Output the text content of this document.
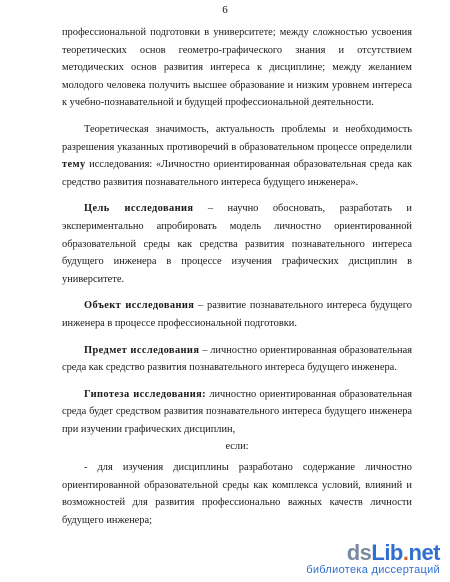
6

профессиональной подготовки в университете; между сложностью усвоения теоретических основ геометро-графического знания и отсутствием методических основ развития интереса к дисциплине; между желанием молодого человека получить высшее образование и низким уровнем интереса к учебно-познавательной и будущей профессиональной деятельности.

Теоретическая значимость, актуальность проблемы и необходимость разрешения указанных противоречий в образовательном процессе определили тему исследования: «Личностно ориентированная образовательная среда как средство развития познавательного интереса будущего инженера».

Цель исследования – научно обосновать, разработать и экспериментально апробировать модель личностно ориентированной образовательной среды как средства развития познавательного интереса будущего инженера в процессе изучения графических дисциплин в университете.

Объект исследования – развитие познавательного интереса будущего инженера в процессе профессиональной подготовки.

Предмет исследования – личностно ориентированная образовательная среда как средство развития познавательного интереса будущего инженера.

Гипотеза исследования: личностно ориентированная образовательная среда будет средством развития познавательного интереса будущего инженера при изучении графических дисциплин,

если:

- для изучения дисциплины разработано содержание личностно ориентированной образовательной среды как комплекса условий, влияний и возможностей для развития профессионально важных качеств личности будущего инженера;

dsLib.net
библиотека диссертаций
